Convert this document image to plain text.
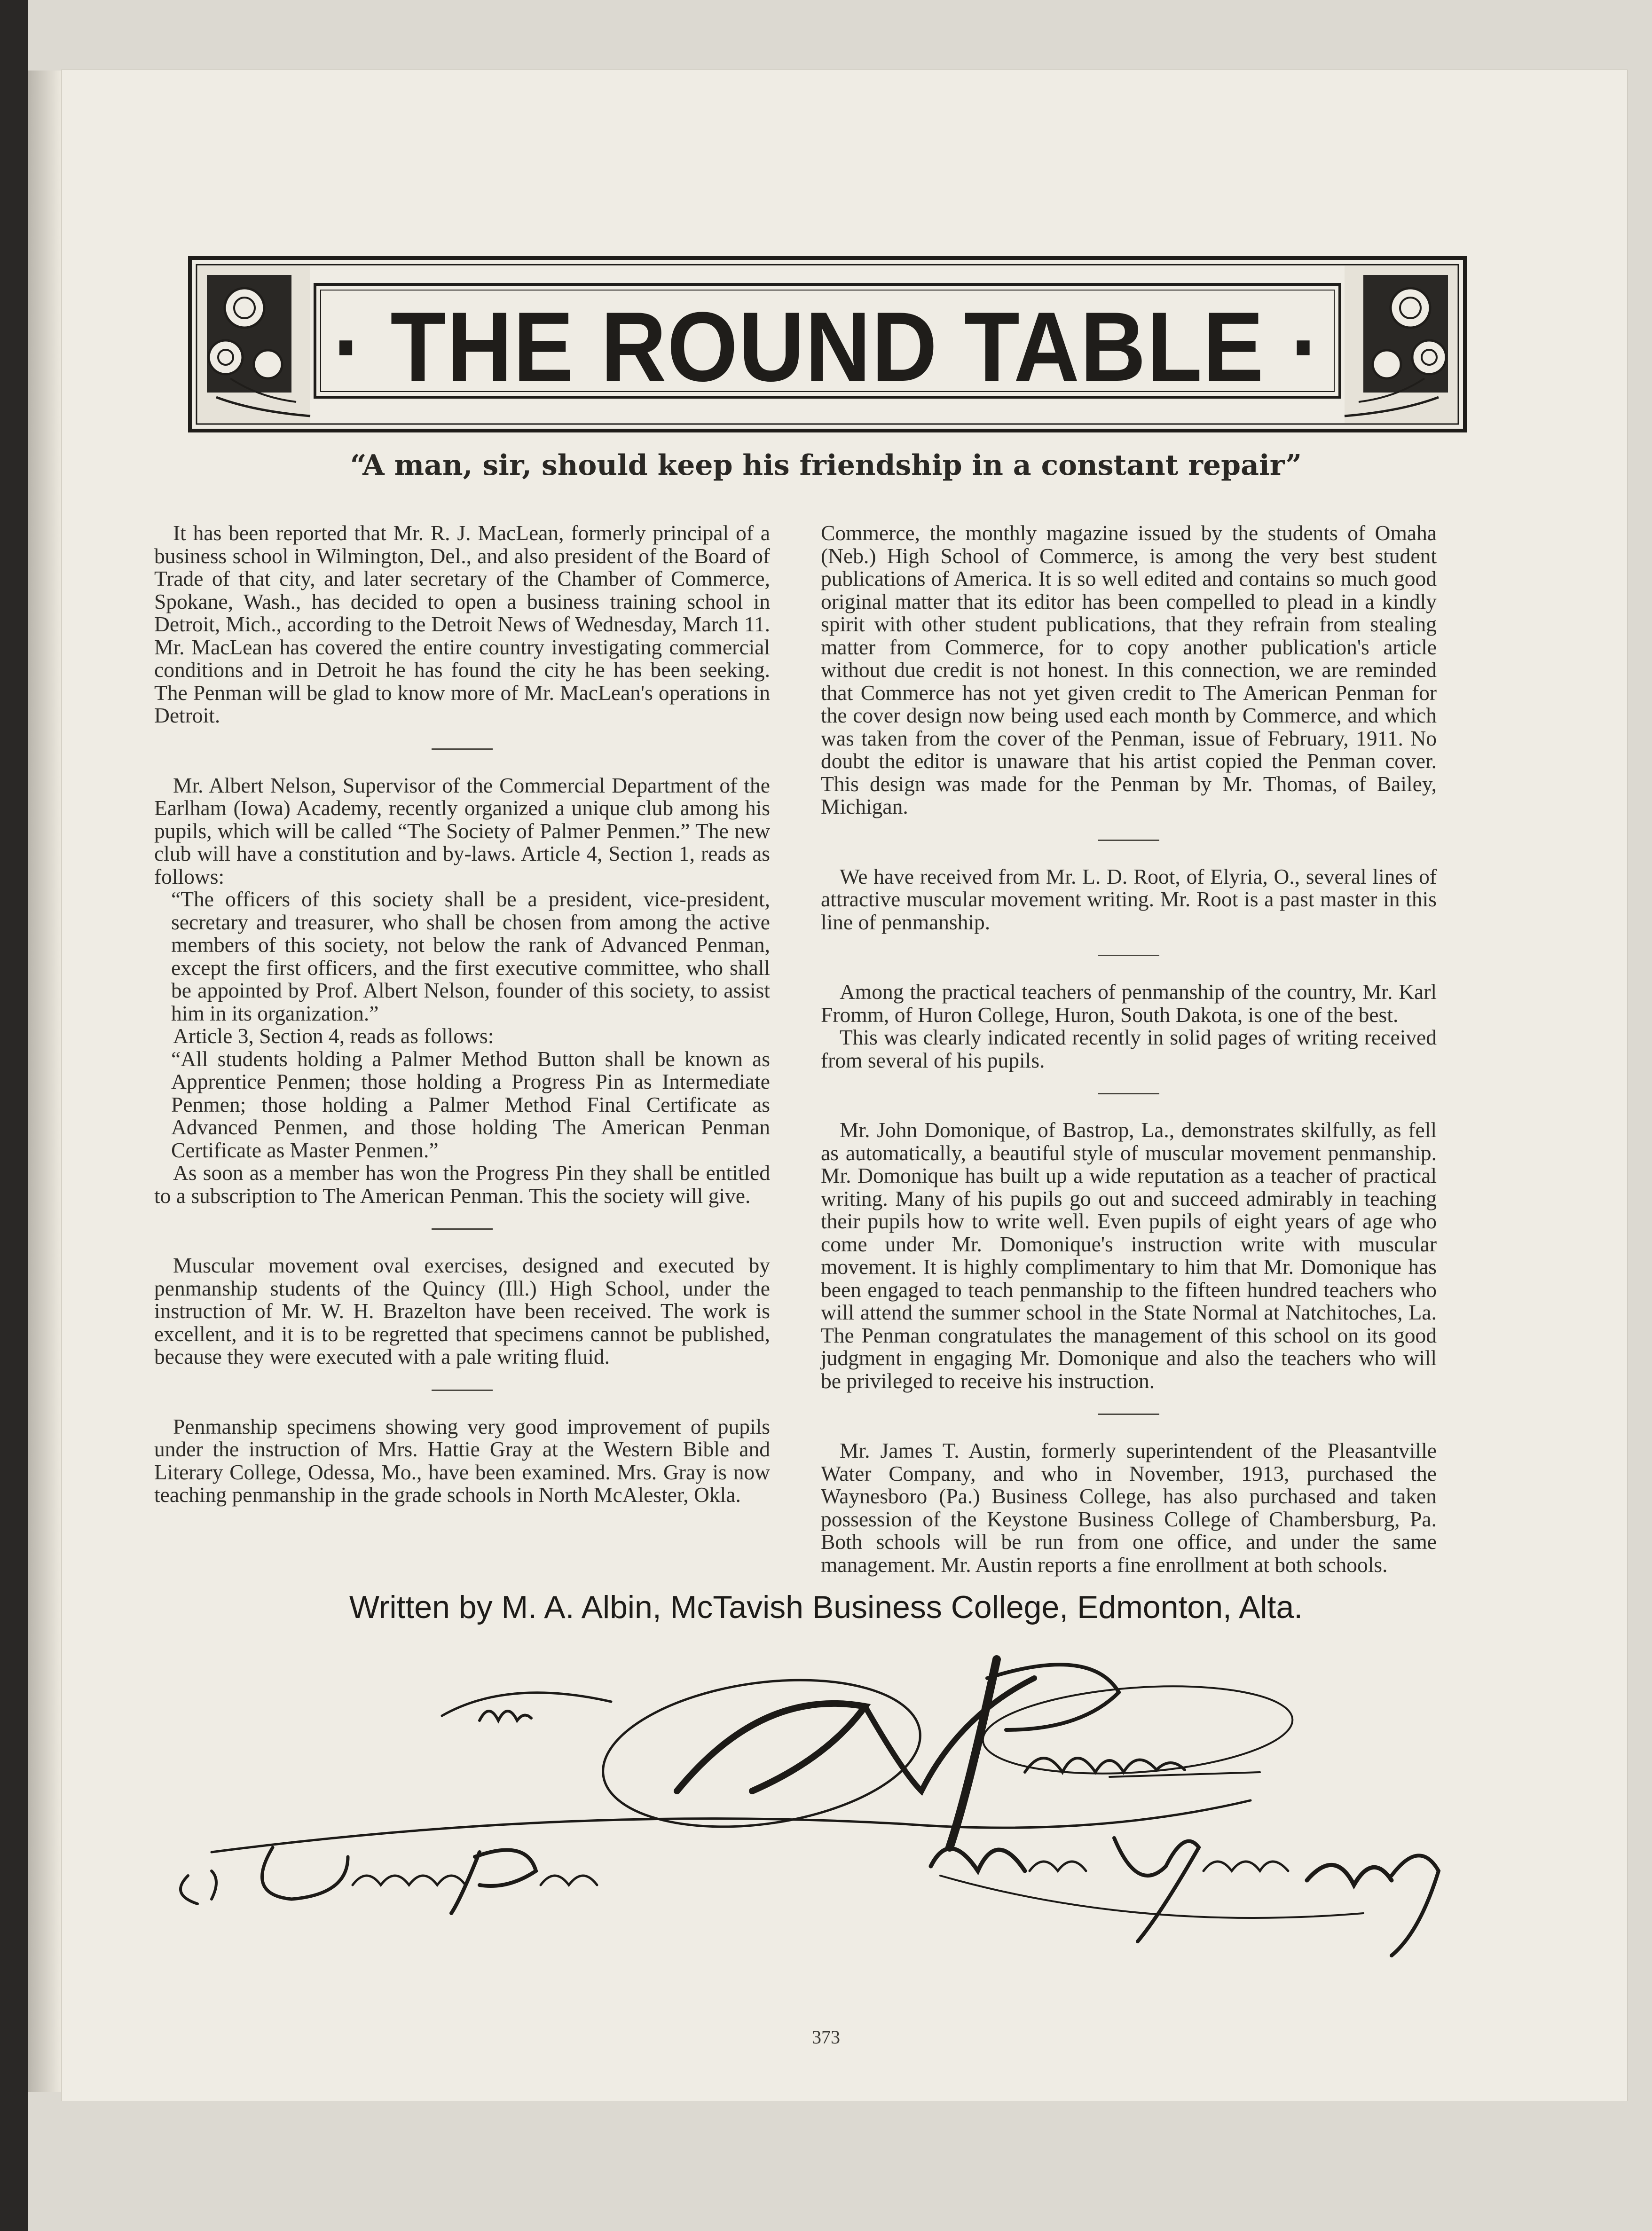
· THE ROUND TABLE ·
“A man, sir, should keep his friendship in a constant repair”

It has been reported that Mr. R. J. MacLean, formerly principal of a business school in Wilmington, Del., and also president of the Board of Trade of that city, and later secretary of the Chamber of Commerce, Spokane, Wash., has decided to open a business training school in Detroit, Mich., according to the Detroit News of Wednesday, March 11. Mr. MacLean has covered the entire country investigating commercial conditions and in Detroit he has found the city he has been seeking. The Penman will be glad to know more of Mr. MacLean's operations in Detroit.

Mr. Albert Nelson, Supervisor of the Commercial Department of the Earlham (Iowa) Academy, recently organized a unique club among his pupils, which will be called “The Society of Palmer Penmen.” The new club will have a constitution and by-laws. Article 4, Section 1, reads as follows:

“The officers of this society shall be a president, vice-president, secretary and treasurer, who shall be chosen from among the active members of this society, not below the rank of Advanced Penman, except the first officers, and the first executive committee, who shall be appointed by Prof. Albert Nelson, founder of this society, to assist him in its organization.”

Article 3, Section 4, reads as follows:

“All students holding a Palmer Method Button shall be known as Apprentice Penmen; those holding a Progress Pin as Intermediate Penmen; those holding a Palmer Method Final Certificate as Advanced Penmen, and those holding The American Penman Certificate as Master Penmen.”

As soon as a member has won the Progress Pin they shall be entitled to a subscription to The American Penman. This the society will give.

Muscular movement oval exercises, designed and executed by penmanship students of the Quincy (Ill.) High School, under the instruction of Mr. W. H. Brazelton have been received. The work is excellent, and it is to be regretted that specimens cannot be published, because they were executed with a pale writing fluid.

Penmanship specimens showing very good improvement of pupils under the instruction of Mrs. Hattie Gray at the Western Bible and Literary College, Odessa, Mo., have been examined. Mrs. Gray is now teaching penmanship in the grade schools in North McAlester, Okla.

Commerce, the monthly magazine issued by the students of Omaha (Neb.) High School of Commerce, is among the very best student publications of America. It is so well edited and contains so much good original matter that its editor has been compelled to plead in a kindly spirit with other student publications, that they refrain from stealing matter from Commerce, for to copy another publication's article without due credit is not honest. In this connection, we are reminded that Commerce has not yet given credit to The American Penman for the cover design now being used each month by Commerce, and which was taken from the cover of the Penman, issue of February, 1911. No doubt the editor is unaware that his artist copied the Penman cover. This design was made for the Penman by Mr. Thomas, of Bailey, Michigan.

We have received from Mr. L. D. Root, of Elyria, O., several lines of attractive muscular movement writing. Mr. Root is a past master in this line of penmanship.

Among the practical teachers of penmanship of the country, Mr. Karl Fromm, of Huron College, Huron, South Dakota, is one of the best.

This was clearly indicated recently in solid pages of writing received from several of his pupils.

Mr. John Domonique, of Bastrop, La., demonstrates skilfully, as fell as automatically, a beautiful style of muscular movement penmanship. Mr. Domonique has built up a wide reputation as a teacher of practical writing. Many of his pupils go out and succeed admirably in teaching their pupils how to write well. Even pupils of eight years of age who come under Mr. Domonique's instruction write with muscular movement. It is highly complimentary to him that Mr. Domonique has been engaged to teach penmanship to the fifteen hundred teachers who will attend the summer school in the State Normal at Natchitoches, La. The Penman congratulates the management of this school on its good judgment in engaging Mr. Domonique and also the teachers who will be privileged to receive his instruction.

Mr. James T. Austin, formerly superintendent of the Pleasantville Water Company, and who in November, 1913, purchased the Waynesboro (Pa.) Business College, has also purchased and taken possession of the Keystone Business College of Chambersburg, Pa. Both schools will be run from one office, and under the same management. Mr. Austin reports a fine enrollment at both schools.

Written by M. A. Albin, McTavish Business College, Edmonton, Alta.
373
